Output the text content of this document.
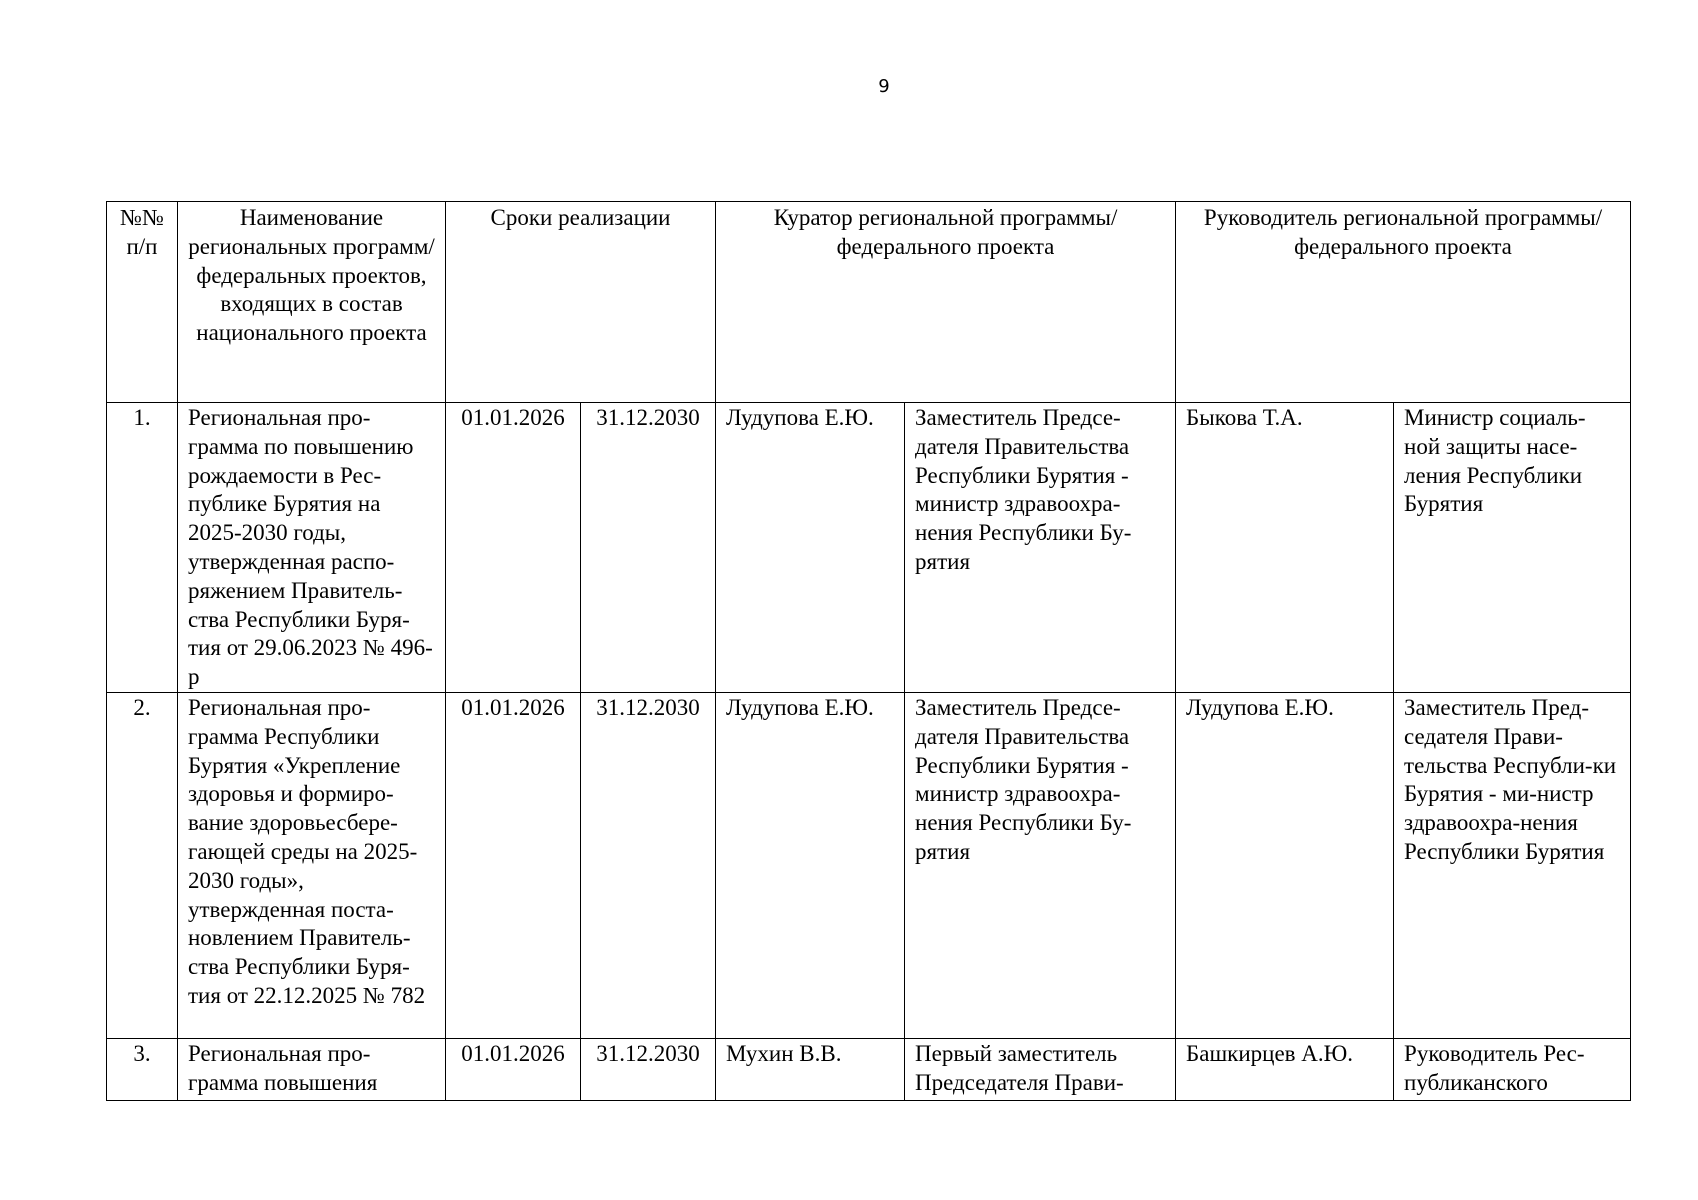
9
№№ п/п	Наименование региональных программ/ федеральных проектов, входящих в состав национального проекта	Сроки реализации		Куратор региональной программы/федерального проекта		Руководитель региональной программы/федерального проекта	
1.	Региональная про-грамма по повышению рождаемости в Рес-публике Бурятия на 2025-2030 годы, утвержденная распо-ряжением Правитель-ства Республики Буря-тия от 29.06.2023 № 496-р	01.01.2026	31.12.2030	Лудупова Е.Ю.	Заместитель Предсе-дателя Правительства Республики Бурятия - министр здравоохра-нения Республики Бу-рятия	Быкова Т.А.	Министр социаль-ной защиты насе-ления Республики Бурятия
2.	Региональная про-грамма Республики Бурятия «Укрепление здоровья и формиро-вание здоровьесбере-гающей среды на 2025-2030 годы», утвержденная поста-новлением Правитель-ства Республики Буря-тия от 22.12.2025 № 782	01.01.2026	31.12.2030	Лудупова Е.Ю.	Заместитель Предсе-дателя Правительства Республики Бурятия - министр здравоохра-нения Республики Бу-рятия	Лудупова Е.Ю.	Заместитель Пред-седателя Прави-тельства Республи-ки Бурятия - ми-нистр здравоохра-нения Республики Бурятия
3.	Региональная про-грамма повышения	01.01.2026	31.12.2030	Мухин В.В.	Первый заместитель Председателя Прави-	Башкирцев А.Ю.	Руководитель Рес-публиканского
